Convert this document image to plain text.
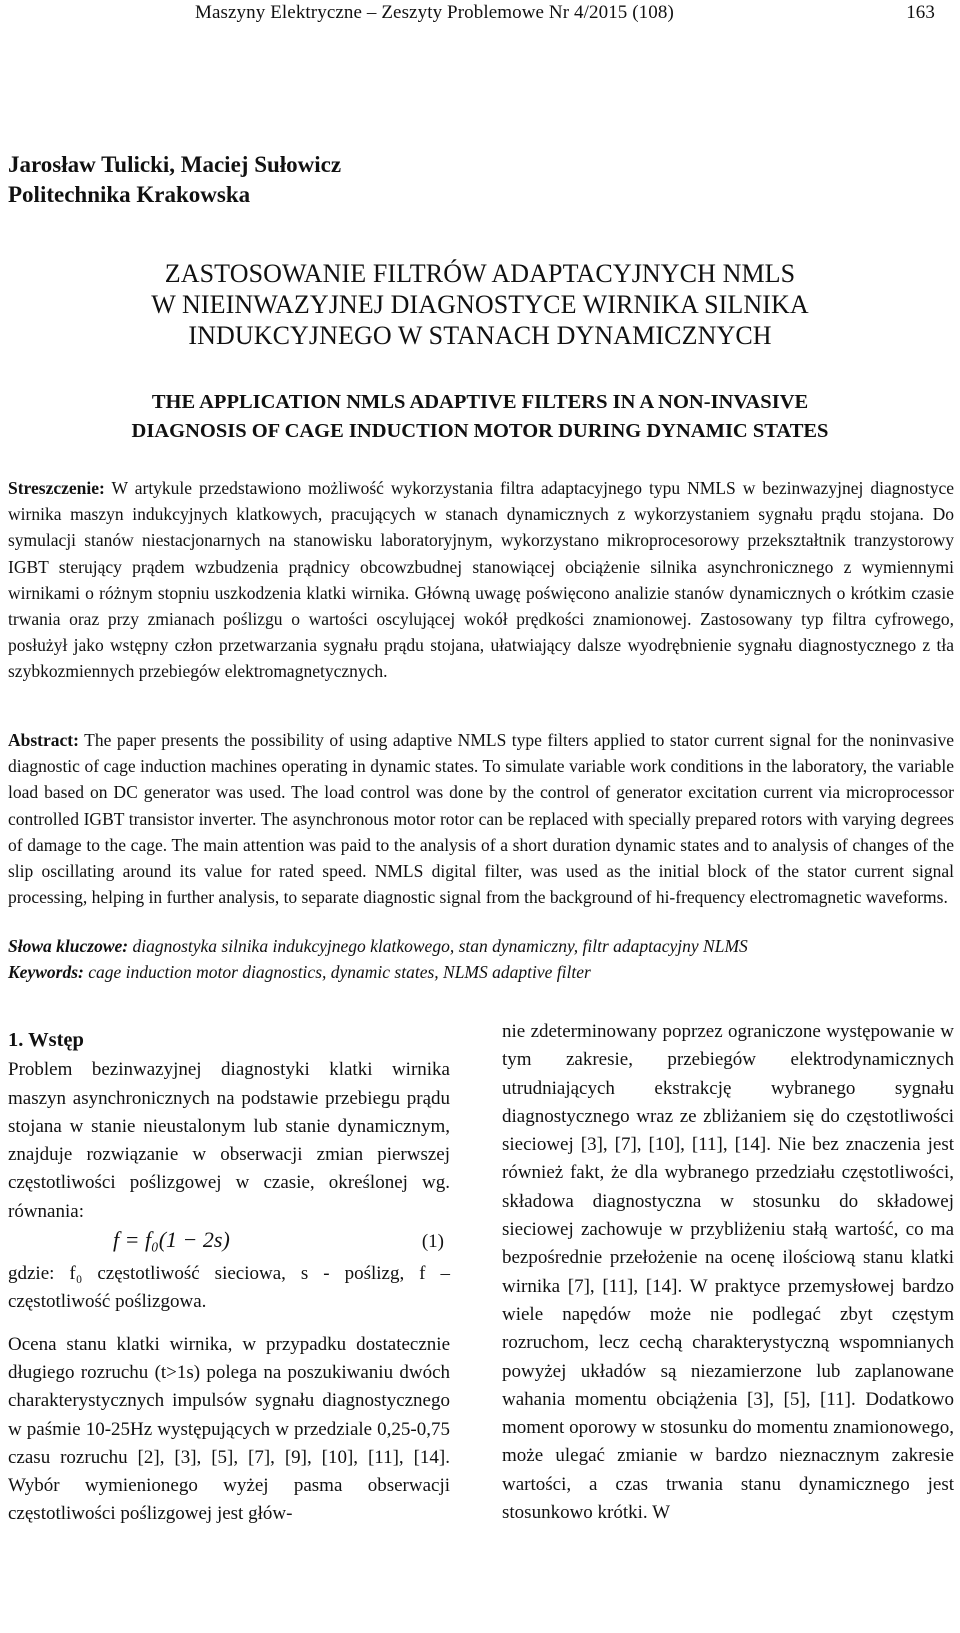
Maszyny Elektryczne – Zeszyty Problemowe Nr 4/2015 (108)	163
Jarosław Tulicki, Maciej Sułowicz
Politechnika Krakowska
ZASTOSOWANIE FILTRÓW ADAPTACYJNYCH NMLS
W NIEINWAZYJNEJ DIAGNOSTYCE WIRNIKA SILNIKA
INDUKCYJNEGO W STANACH DYNAMICZNYCH
THE APPLICATION NMLS ADAPTIVE FILTERS IN A NON-INVASIVE
DIAGNOSIS OF CAGE INDUCTION MOTOR DURING DYNAMIC STATES
Streszczenie: W artykule przedstawiono możliwość wykorzystania filtra adaptacyjnego typu NMLS w bezinwazyjnej diagnostyce wirnika maszyn indukcyjnych klatkowych, pracujących w stanach dynamicznych z wykorzystaniem sygnału prądu stojana. Do symulacji stanów niestacjonarnych na stanowisku laboratoryjnym, wykorzystano mikroprocesorowy przekształtnik tranzystorowy IGBT sterujący prądem wzbudzenia prądnicy obcowzbudnej stanowiącej obciążenie silnika asynchronicznego z wymiennymi wirnikami o różnym stopniu uszkodzenia klatki wirnika. Główną uwagę poświęcono analizie stanów dynamicznych o krótkim czasie trwania oraz przy zmianach poślizgu o wartości oscylującej wokół prędkości znamionowej. Zastosowany typ filtra cyfrowego, posłużył jako wstępny człon przetwarzania sygnału prądu stojana, ułatwiający dalsze wyodrębnienie sygnału diagnostycznego z tła szybkozmiennych przebiegów elektromagnetycznych.
Abstract: The paper presents the possibility of using adaptive NMLS type filters applied to stator current signal for the noninvasive diagnostic of cage induction machines operating in dynamic states. To simulate variable work conditions in the laboratory, the variable load based on DC generator was used. The load control was done by the control of generator excitation current via microprocessor controlled IGBT transistor inverter. The asynchronous motor rotor can be replaced with specially prepared rotors with varying degrees of damage to the cage. The main attention was paid to the analysis of a short duration dynamic states and to analysis of changes of the slip oscillating around its value for rated speed. NMLS digital filter, was used as the initial block of the stator current signal processing, helping in further analysis, to separate diagnostic signal from the background of hi-frequency electromagnetic waveforms.
Słowa kluczowe: diagnostyka silnika indukcyjnego klatkowego, stan dynamiczny, filtr adaptacyjny NLMS
Keywords: cage induction motor diagnostics, dynamic states, NLMS adaptive filter
1. Wstęp
Problem bezinwazyjnej diagnostyki klatki wirnika maszyn asynchronicznych na podstawie przebiegu prądu stojana w stanie nieustalonym lub stanie dynamicznym, znajduje rozwiązanie w obserwacji zmian pierwszej częstotliwości poślizgowej w czasie, określonej wg. równania:
f = f₀(1 − 2s)	(1)
gdzie: f₀ częstotliwość sieciowa, s - poślizg, f – częstotliwość poślizgowa.
Ocena stanu klatki wirnika, w przypadku dostatecznie długiego rozruchu (t>1s) polega na poszukiwaniu dwóch charakterystycznych impulsów sygnału diagnostycznego w paśmie 10-25Hz występujących w przedziale 0,25-0,75 czasu rozruchu [2], [3], [5], [7], [9], [10], [11], [14]. Wybór wymienionego wyżej pasma obserwacji częstotliwości poślizgowej jest głów-
nie zdeterminowany poprzez ograniczone występowanie w tym zakresie, przebiegów elektrodynamicznych utrudniających ekstrakcję wybranego sygnału diagnostycznego wraz ze zbliżaniem się do częstotliwości sieciowej [3], [7], [10], [11], [14]. Nie bez znaczenia jest również fakt, że dla wybranego przedziału częstotliwości, składowa diagnostyczna w stosunku do składowej sieciowej zachowuje w przybliżeniu stałą wartość, co ma bezpośrednie przełożenie na ocenę ilościową stanu klatki wirnika [7], [11], [14]. W praktyce przemysłowej bardzo wiele napędów może nie podlegać zbyt częstym rozruchom, lecz cechą charakterystyczną wspomnianych powyżej układów są niezamierzone lub zaplanowane wahania momentu obciążenia [3], [5], [11]. Dodatkowo moment oporowy w stosunku do momentu znamionowego, może ulegać zmianie w bardzo nieznacznym zakresie wartości, a czas trwania stanu dynamicznego jest stosunkowo krótki. W
